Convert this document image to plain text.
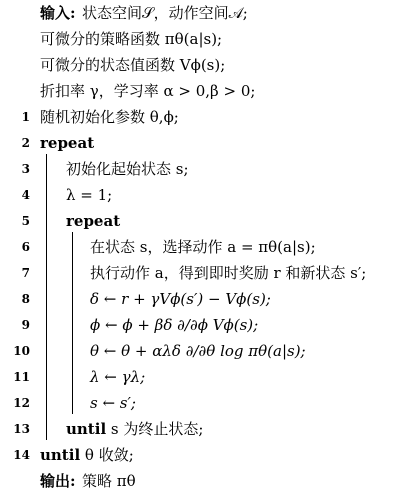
输入: 状态空间𝒮，动作空间𝒜;
可微分的策略函数 πθ(a|s);
可微分的状态值函数 Vϕ(s);
折扣率 γ，学习率 α > 0,β > 0;
1 随机初始化参数 θ,ϕ;
2 repeat
3 初始化起始状态 s;
4 λ = 1;
5 repeat
6	在状态 s，选择动作 a = πθ(a|s);
7	执行动作 a，得到即时奖励 r 和新状态 s′;
8	δ ← r + γVϕ(s′) − Vϕ(s);
9	ϕ ← ϕ + βδ ∂/∂ϕ Vϕ(s);
10	θ ← θ + αλδ ∂/∂θ log πθ(a|s);
11	λ ← γλ;
12	s ← s′;
13 until s 为终止状态;
14 until θ 收敛;
输出: 策略 πθ
